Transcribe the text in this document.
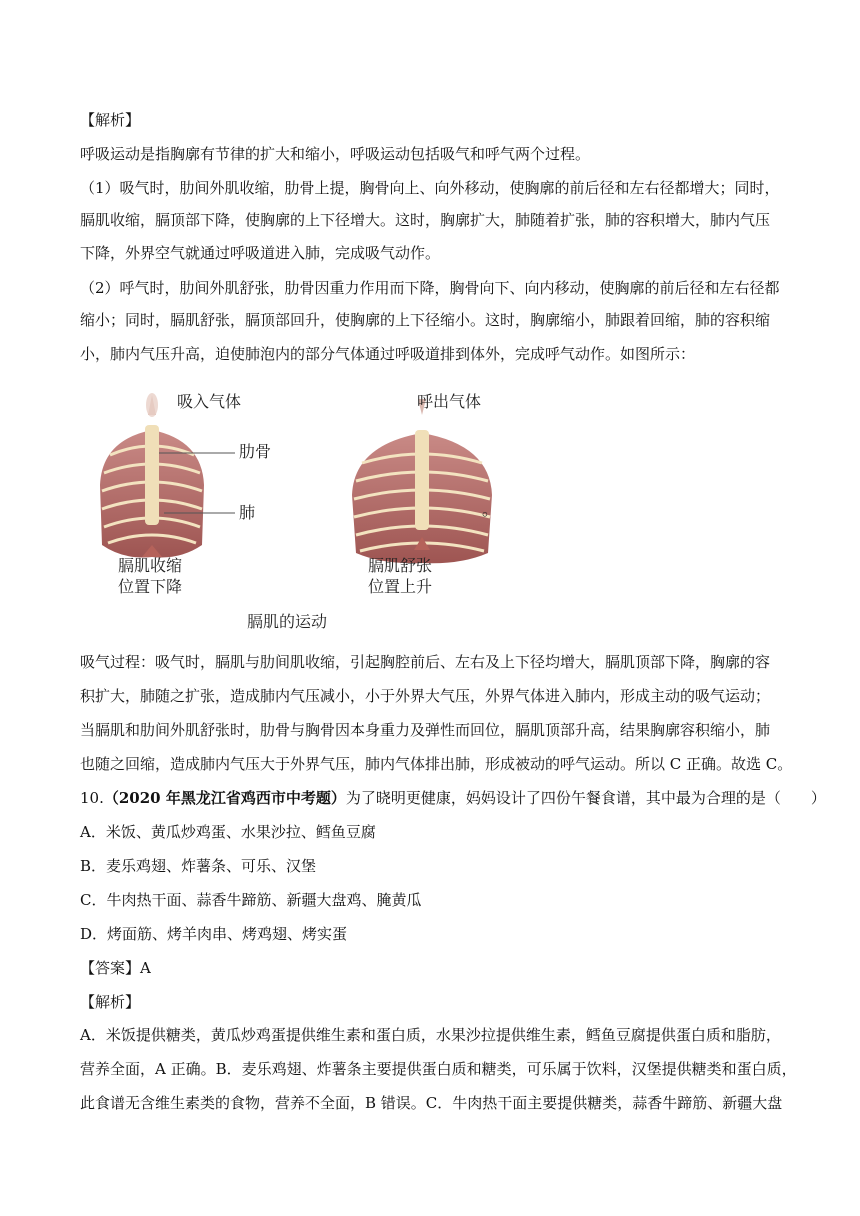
【解析】
呼吸运动是指胸廓有节律的扩大和缩小，呼吸运动包括吸气和呼气两个过程。
（1）吸气时，肋间外肌收缩，肋骨上提，胸骨向上、向外移动，使胸廓的前后径和左右径都增大；同时，
膈肌收缩，膈顶部下降，使胸廓的上下径增大。这时，胸廓扩大，肺随着扩张，肺的容积增大，肺内气压
下降，外界空气就通过呼吸道进入肺，完成吸气动作。
（2）呼气时，肋间外肌舒张，肋骨因重力作用而下降，胸骨向下、向内移动，使胸廓的前后径和左右径都
缩小；同时，膈肌舒张，膈顶部回升，使胸廓的上下径缩小。这时，胸廓缩小，肺跟着回缩，肺的容积缩
小，肺内气压升高，迫使肺泡内的部分气体通过呼吸道排到体外，完成呼气动作。如图所示：
吸入气体	呼出气体
肋骨
肺
膈肌收缩
位置下降
膈肌舒张
位置上升
膈肌的运动
。
吸气过程：吸气时，膈肌与肋间肌收缩，引起胸腔前后、左右及上下径均增大，膈肌顶部下降，胸廓的容
积扩大，肺随之扩张，造成肺内气压减小，小于外界大气压，外界气体进入肺内，形成主动的吸气运动；
当膈肌和肋间外肌舒张时，肋骨与胸骨因本身重力及弹性而回位，膈肌顶部升高，结果胸廓容积缩小，肺
也随之回缩，造成肺内气压大于外界气压，肺内气体排出肺，形成被动的呼气运动。所以 C 正确。故选 C。
10.（2020 年黑龙江省鸡西市中考题）为了晓明更健康，妈妈设计了四份午餐食谱，其中最为合理的是（　　）
A．米饭、黄瓜炒鸡蛋、水果沙拉、鳕鱼豆腐
B．麦乐鸡翅、炸薯条、可乐、汉堡
C．牛肉热干面、蒜香牛蹄筋、新疆大盘鸡、腌黄瓜
D．烤面筋、烤羊肉串、烤鸡翅、烤实蛋
【答案】A
【解析】
A．米饭提供糖类，黄瓜炒鸡蛋提供维生素和蛋白质，水果沙拉提供维生素，鳕鱼豆腐提供蛋白质和脂肪，
营养全面，A 正确。B．麦乐鸡翅、炸薯条主要提供蛋白质和糖类，可乐属于饮料，汉堡提供糖类和蛋白质，
此食谱无含维生素类的食物，营养不全面，B 错误。C．牛肉热干面主要提供糖类，蒜香牛蹄筋、新疆大盘
